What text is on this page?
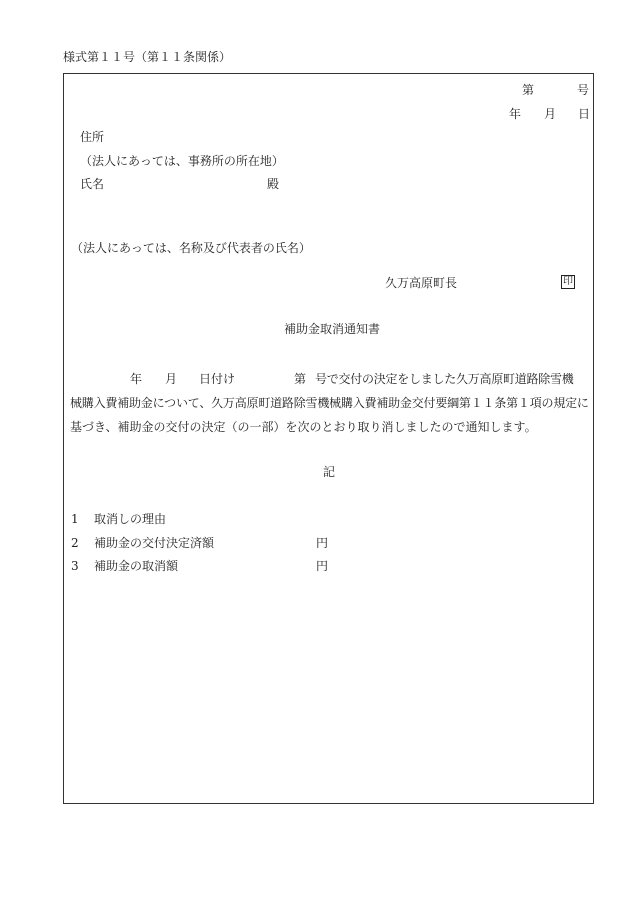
様式第１１号（第１１条関係）
第	号
年 月 日
住所
（法人にあっては、事務所の所在地）
氏名	殿
（法人にあっては、名称及び代表者の氏名）
久万高原町長	印
補助金取消通知書
年 月 日付け	第 号で交付の決定をしました久万高原町道路除雪機
械購入費補助金について、久万高原町道路除雪機械購入費補助金交付要綱第１１条第１項の規定に
基づき、補助金の交付の決定（の一部）を次のとおり取り消しましたので通知します。
記
1 取消しの理由
2 補助金の交付決定済額	円
3 補助金の取消額	円
